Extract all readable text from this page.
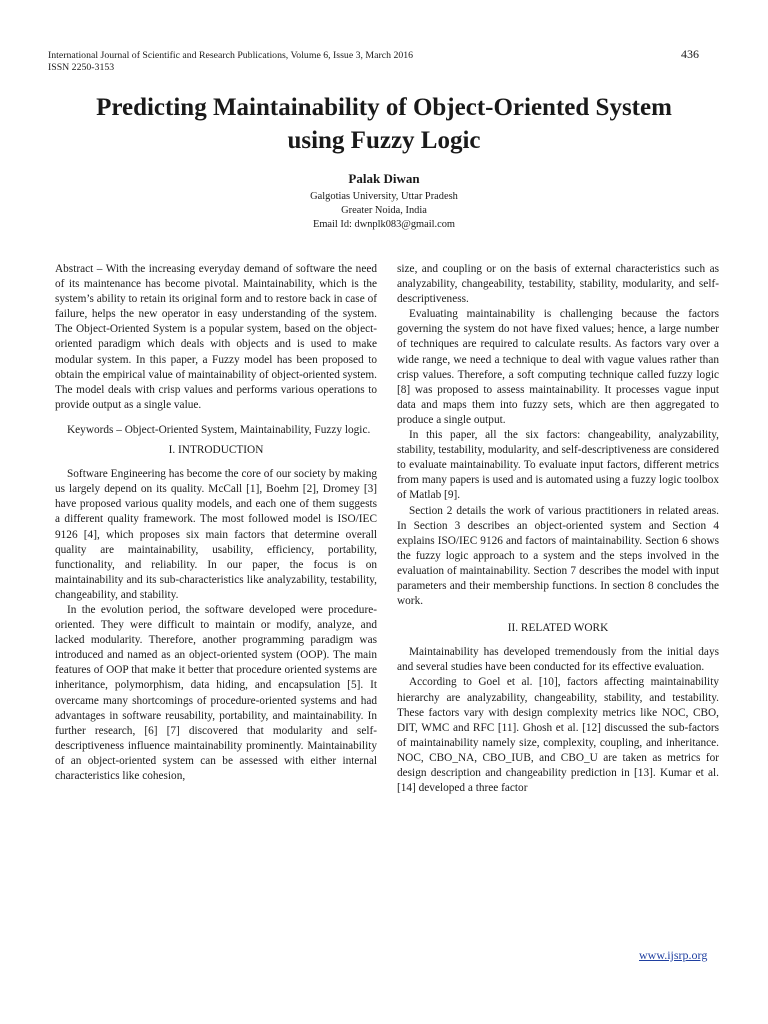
International Journal of Scientific and Research Publications, Volume 6, Issue 3, March 2016
ISSN 2250-3153
436
Predicting Maintainability of Object-Oriented System
using Fuzzy Logic
Palak Diwan
Galgotias University, Uttar Pradesh
Greater Noida, India
Email Id: dwnplk083@gmail.com

Abstract – With the increasing everyday demand of software the need of its maintenance has become pivotal. Maintainability, which is the system’s ability to retain its original form and to restore back in case of failure, helps the new operator in easy understanding of the system. The Object-Oriented System is a popular system, based on the object-oriented paradigm which deals with objects and is used to make modular system. In this paper, a Fuzzy model has been proposed to obtain the empirical value of maintainability of object-oriented system. The model deals with crisp values and performs various operations to provide output as a single value.

Keywords – Object-Oriented System, Maintainability, Fuzzy logic.

I. INTRODUCTION

Software Engineering has become the core of our society by making us largely depend on its quality. McCall [1], Boehm [2], Dromey [3] have proposed various quality models, and each one of them suggests a different quality framework. The most followed model is ISO/IEC 9126 [4], which proposes six main factors that determine overall quality are maintainability, usability, efficiency, portability, functionality, and reliability. In our paper, the focus is on maintainability and its sub-characteristics like analyzability, testability, changeability, and stability.

In the evolution period, the software developed were procedure-oriented. They were difficult to maintain or modify, analyze, and lacked modularity. Therefore, another programming paradigm was introduced and named as an object-oriented system (OOP). The main features of OOP that make it better that procedure oriented systems are inheritance, polymorphism, data hiding, and encapsulation [5]. It overcame many shortcomings of procedure-oriented systems and had advantages in software reusability, portability, and maintainability. In further research, [6] [7] discovered that modularity and self- descriptiveness influence maintainability prominently. Maintainability of an object-oriented system can be assessed with either internal characteristics like cohesion,

size, and coupling or on the basis of external characteristics such as analyzability, changeability, testability, stability, modularity, and self-descriptiveness.

Evaluating maintainability is challenging because the factors governing the system do not have fixed values; hence, a large number of techniques are required to calculate results. As factors vary over a wide range, we need a technique to deal with vague values rather than crisp values. Therefore, a soft computing technique called fuzzy logic [8] was proposed to assess maintainability. It processes vague input data and maps them into fuzzy sets, which are then aggregated to produce a single output.

In this paper, all the six factors: changeability, analyzability, stability, testability, modularity, and self-descriptiveness are considered to evaluate maintainability. To evaluate input factors, different metrics from many papers is used and is automated using a fuzzy logic toolbox of Matlab [9].

Section 2 details the work of various practitioners in related areas. In Section 3 describes an object-oriented system and Section 4 explains ISO/IEC 9126 and factors of maintainability. Section 6 shows the fuzzy logic approach to a system and the steps involved in the evaluation of maintainability. Section 7 describes the model with input parameters and their membership functions. In section 8 concludes the work.

II. RELATED WORK

Maintainability has developed tremendously from the initial days and several studies have been conducted for its effective evaluation.

According to Goel et al. [10], factors affecting maintainability hierarchy are analyzability, changeability, stability, and testability. These factors vary with design complexity metrics like NOC, CBO, DIT, WMC and RFC [11]. Ghosh et al. [12] discussed the sub-factors of maintainability namely size, complexity, coupling, and inheritance. NOC, CBO_NA, CBO_IUB, and CBO_U are taken as metrics for design description and changeability prediction in [13]. Kumar et al. [14] developed a three factor

www.ijsrp.org
